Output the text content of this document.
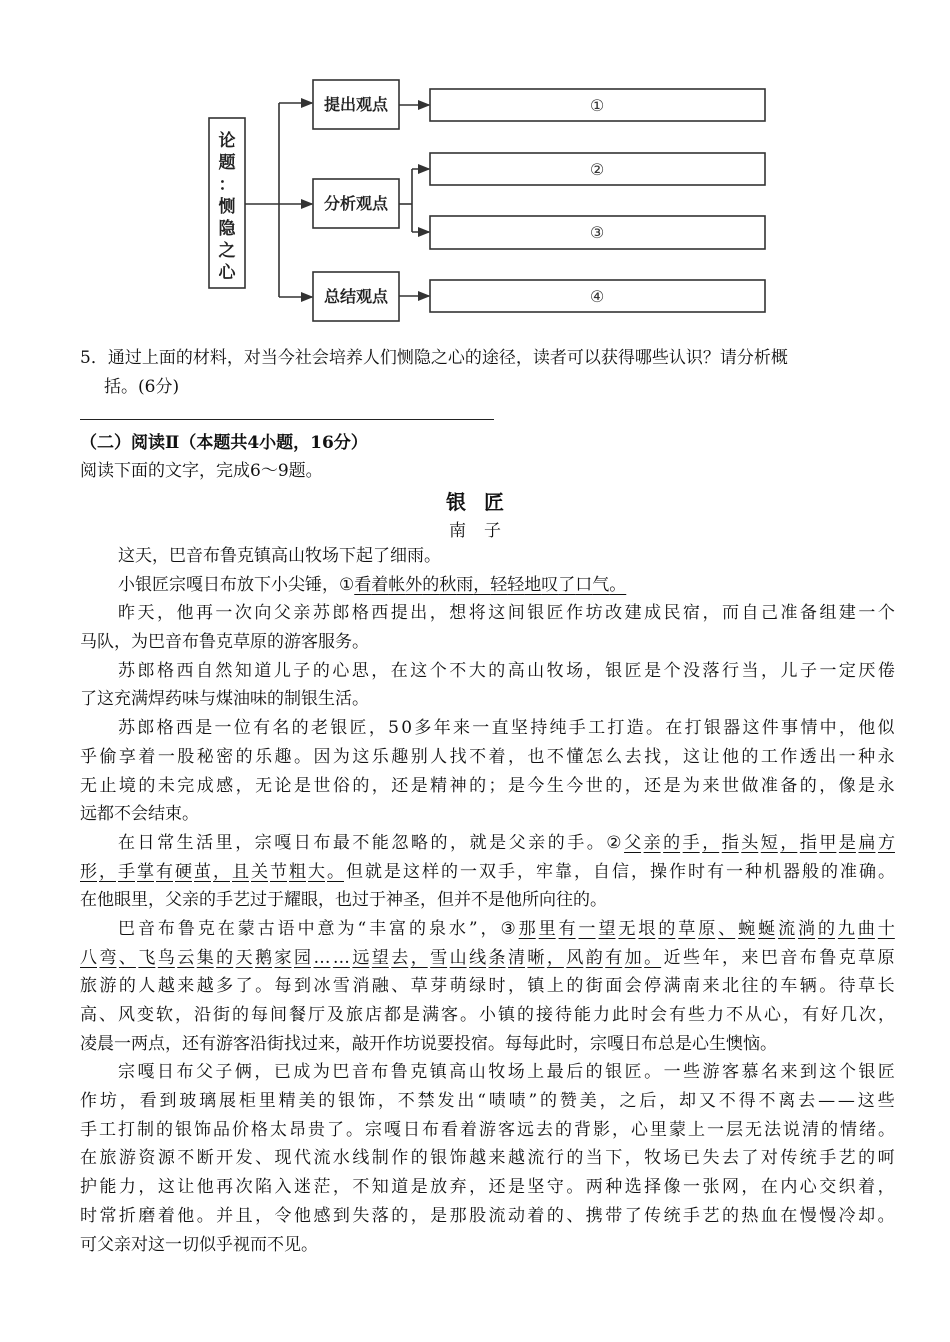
论
题
：
恻
隐
之
心
提出观点
分析观点
总结观点
①
②
③
④
5．通过上面的材料，对当今社会培养人们恻隐之心的途径，读者可以获得哪些认识？请分析概
括。(6分)
（二）阅读Ⅱ（本题共4小题，16分）
阅读下面的文字，完成6～9题。
银匠
南子
这 天 ， 巴 音 布 鲁 克 镇 高 山 牧 场 下 起 了 细 雨 。
小 银 匠 宗 嘎 日 布 放 下 小 尖 锤 ， ① 看 着 帐 外 的 秋 雨 ， 轻 轻 地 叹 了 口 气 。
昨 天 ， 他 再 一 次 向 父 亲 苏 郎 格 西 提 出 ， 想 将 这 间 银 匠 作 坊 改 建 成 民 宿 ， 而 自 己 准 备 组 建 一 个
马 队 ， 为 巴 音 布 鲁 克 草 原 的 游 客 服 务 。
苏 郎 格 西 自 然 知 道 儿 子 的 心 思 ， 在 这 个 不 大 的 高 山 牧 场 ， 银 匠 是 个 没 落 行 当 ， 儿 子 一 定 厌 倦
了 这 充 满 焊 药 味 与 煤 油 味 的 制 银 生 活 。
苏 郎 格 西 是 一 位 有 名 的 老 银 匠 ， 5 0 多 年 来 一 直 坚 持 纯 手 工 打 造 。 在 打 银 器 这 件 事 情 中 ， 他 似
乎 偷 享 着 一 股 秘 密 的 乐 趣 。 因 为 这 乐 趣 别 人 找 不 着 ， 也 不 懂 怎 么 去 找 ， 这 让 他 的 工 作 透 出 一 种 永
无 止 境 的 未 完 成 感 ， 无 论 是 世 俗 的 ， 还 是 精 神 的 ； 是 今 生 今 世 的 ， 还 是 为 来 世 做 准 备 的 ， 像 是 永
远 都 不 会 结 束 。
在 日 常 生 活 里 ， 宗 嘎 日 布 最 不 能 忽 略 的 ， 就 是 父 亲 的 手 。 ② 父 亲 的 手 ， 指 头 短 ， 指 甲 是 扁 方
形 ， 手 掌 有 硬 茧 ， 且 关 节 粗 大 。 但 就 是 这 样 的 一 双 手 ， 牢 靠 ， 自 信 ， 操 作 时 有 一 种 机 器 般 的 准 确 。
在 他 眼 里 ， 父 亲 的 手 艺 过 于 耀 眼 ， 也 过 于 神 圣 ， 但 并 不 是 他 所 向 往 的 。
巴 音 布 鲁 克 在 蒙 古 语 中 意 为 “ 丰 富 的 泉 水 ” ， ③ 那 里 有 一 望 无 垠 的 草 原 、 蜿 蜒 流 淌 的 九 曲 十
八 弯 、 飞 鸟 云 集 的 天 鹅 家 园 … … 远 望 去 ， 雪 山 线 条 清 晰 ， 风 韵 有 加 。 近 些 年 ， 来 巴 音 布 鲁 克 草 原
旅 游 的 人 越 来 越 多 了 。 每 到 冰 雪 消 融 、 草 芽 萌 绿 时 ， 镇 上 的 街 面 会 停 满 南 来 北 往 的 车 辆 。 待 草 长
高 、 风 变 软 ， 沿 街 的 每 间 餐 厅 及 旅 店 都 是 满 客 。 小 镇 的 接 待 能 力 此 时 会 有 些 力 不 从 心 ， 有 好 几 次 ，
凌 晨 一 两 点 ， 还 有 游 客 沿 街 找 过 来 ， 敲 开 作 坊 说 要 投 宿 。 每 每 此 时 ， 宗 嘎 日 布 总 是 心 生 懊 恼 。
宗 嘎 日 布 父 子 俩 ， 已 成 为 巴 音 布 鲁 克 镇 高 山 牧 场 上 最 后 的 银 匠 。 一 些 游 客 慕 名 来 到 这 个 银 匠
作 坊 ， 看 到 玻 璃 展 柜 里 精 美 的 银 饰 ， 不 禁 发 出 “ 啧 啧 ” 的 赞 美 ， 之 后 ， 却 又 不 得 不 离 去 — — 这 些
手 工 打 制 的 银 饰 品 价 格 太 昂 贵 了 。 宗 嘎 日 布 看 着 游 客 远 去 的 背 影 ， 心 里 蒙 上 一 层 无 法 说 清 的 情 绪 。
在 旅 游 资 源 不 断 开 发 、 现 代 流 水 线 制 作 的 银 饰 越 来 越 流 行 的 当 下 ， 牧 场 已 失 去 了 对 传 统 手 艺 的 呵
护 能 力 ， 这 让 他 再 次 陷 入 迷 茫 ， 不 知 道 是 放 弃 ， 还 是 坚 守 。 两 种 选 择 像 一 张 网 ， 在 内 心 交 织 着 ，
时 常 折 磨 着 他 。 并 且 ， 令 他 感 到 失 落 的 ， 是 那 股 流 动 着 的 、 携 带 了 传 统 手 艺 的 热 血 在 慢 慢 冷 却 。
可 父 亲 对 这 一 切 似 乎 视 而 不 见 。
